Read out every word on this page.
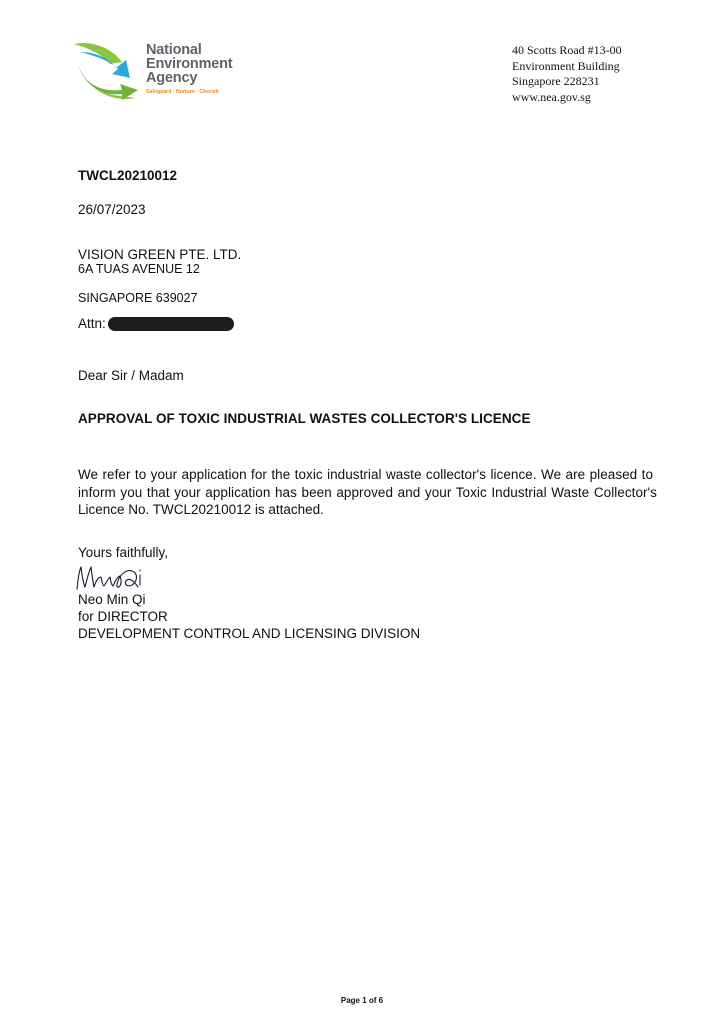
National
Environment
Agency
Safeguard · Nurture · Cherish
40 Scotts Road #13-00
Environment Building
Singapore 228231
www.nea.gov.sg
TWCL20210012
26/07/2023
VISION GREEN PTE. LTD.
6A TUAS AVENUE 12
SINGAPORE 639027
Attn:
Dear Sir / Madam
APPROVAL OF TOXIC INDUSTRIAL WASTES COLLECTOR'S LICENCE
We refer to your application for the toxic industrial waste collector's licence. We are pleased to
inform you that your application has been approved and your Toxic Industrial Waste Collector's
Licence No. TWCL20210012 is attached.
Yours faithfully,
Neo Min Qi
for DIRECTOR
DEVELOPMENT CONTROL AND LICENSING DIVISION
Page 1 of 6
